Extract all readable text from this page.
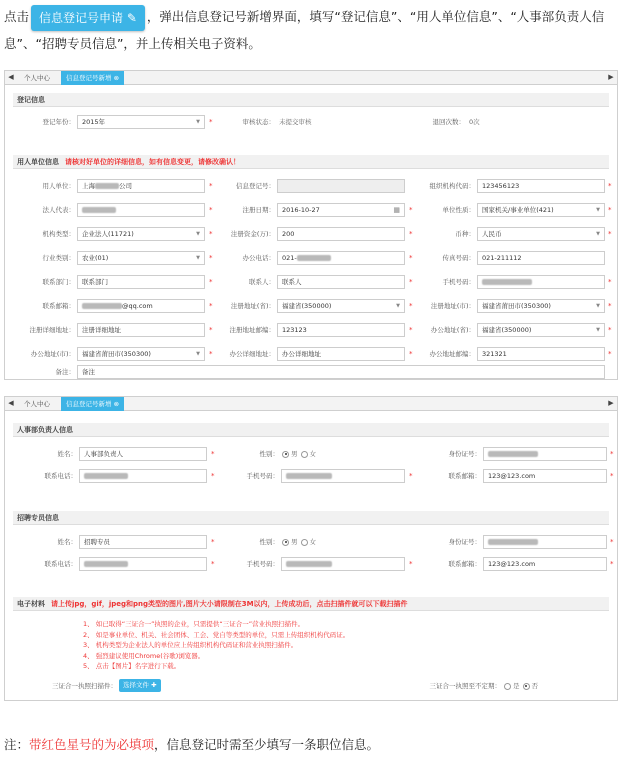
点击 信息登记号申请 ✎ ，弹出信息登记号新增界面，填写“登记信息”、“用人单位信息”、“人事部负责人信息”、“招聘专员信息”，并上传相关电子资料。
◀	个人中心	信息登记号新增 ⊗	▶
登记信息
登记年份：	2015年	▼ *	审核状态： 未提交审核	退回次数： 0次
用人单位信息 请核对好单位的详细信息，如有信息变更，请修改确认！
用人单位：	上海	公司	*	信息登记号：	组织机构代码：	123456123	*
法人代表：	*	注册日期：	2016-10-27	▦ *	单位性质：	国家机关/事业单位(421)	▼ *
机构类型：	企业法人(11721)	▼ *	注册资金(万)：	200	*	币种：	人民币	▼ *
行业类别：	农业(01)	▼ *	办公电话：	021-	*	传真号码：	021-211112
联系部门：	联系部门	*	联系人：	联系人	*	手机号码：	*
联系邮箱：	@qq.com	*	注册地址(省)：	福建省(350000)	▼ *	注册地址(市)：	福建省莆田市(350300)	▼ *
注册详细地址：	注册详细地址	*	注册地址邮编：	123123	*	办公地址(省)：	福建省(350000)	▼ *
办公地址(市)：	福建省莆田市(350300)	▼ *	办公详细地址：	办公详细地址	*	办公地址邮编：	321321	*
备注：	备注
◀	个人中心	信息登记号新增 ⊗	▶
人事部负责人信息
姓名：	人事部负责人	*	性别：	男 女	身份证号：	*
联系电话：	*	手机号码：	*	联系邮箱：	123@123.com	*
招聘专员信息
姓名：	招聘专员	*	性别：	男 女	身份证号：	*
联系电话：	*	手机号码：	*	联系邮箱：	123@123.com	*
电子材料 请上传jpg，gif，jpeg和png类型的图片,图片大小请限制在3M以内，上传成功后，点击扫描件就可以下载扫描件
1、 如已取得“三证合一”执照的企业，只需提供“三证合一”营业执照扫描件。
2、 如是事业单位、机关、社会团体、工会、党自等类型的单位，只需上传组织机构代码证。
3、 机构类型为企业法人的单位应上传组织机构代码证和营业执照扫描件。
4、 强烈建议使用Chrome(谷歌)浏览器。
5、 点击【图片】名字进行下载。
三证合一执照扫描件： 选择文件 ✚	三证合一执照至不定期：	是 否
注：带红色星号的为必填项，信息登记时需至少填写一条职位信息。
